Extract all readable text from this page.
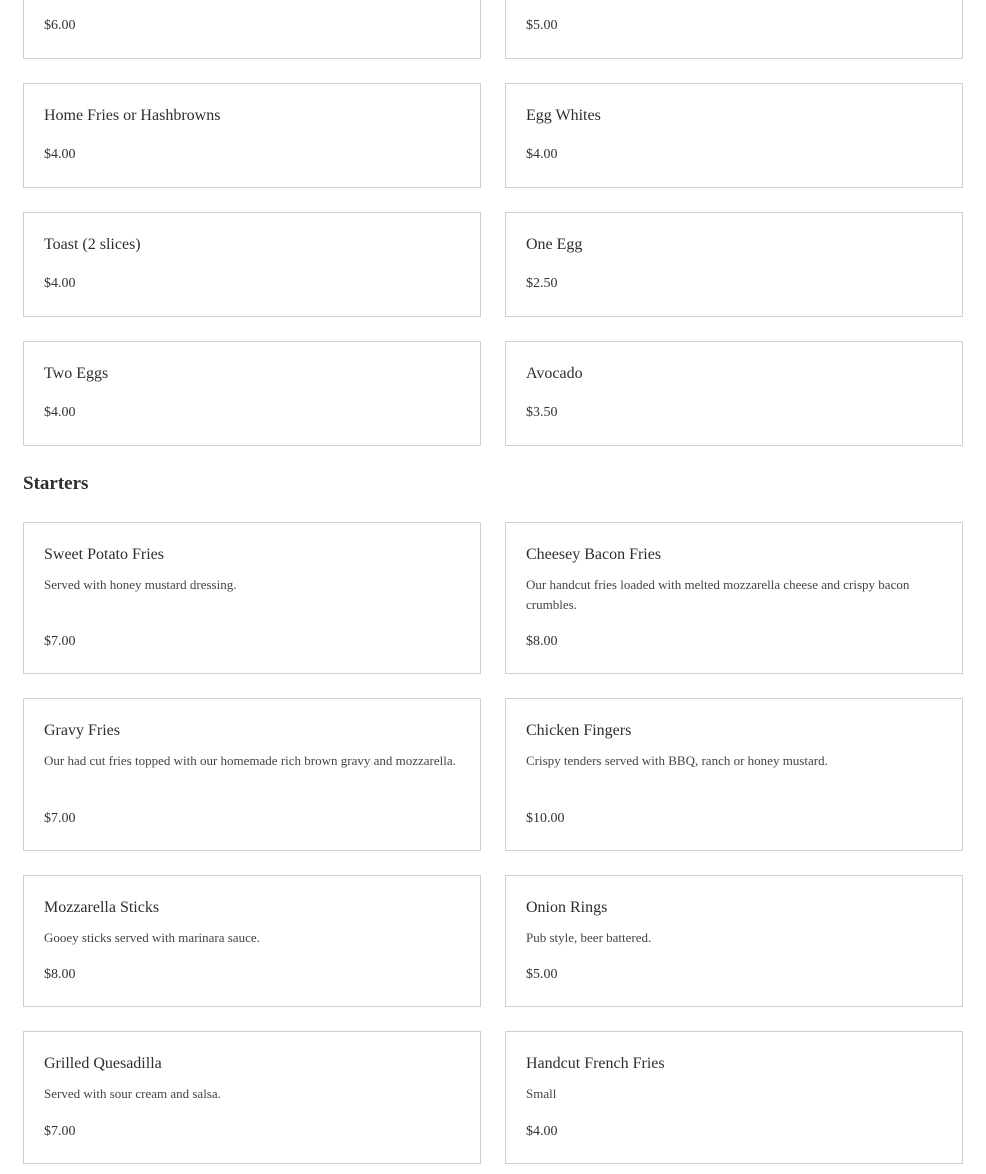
$6.00	$5.00
Home Fries or Hashbrowns
$4.00
Egg Whites
$4.00
Toast (2 slices)
$4.00
One Egg
$2.50
Two Eggs
$4.00
Avocado
$3.50
Starters
Sweet Potato Fries

Served with honey mustard dressing.

$7.00
Cheesey Bacon Fries

Our handcut fries loaded with melted mozzarella cheese and crispy bacon crumbles.

$8.00
Gravy Fries

Our had cut fries topped with our homemade rich brown gravy and mozzarella.

$7.00
Chicken Fingers

Crispy tenders served with BBQ, ranch or honey mustard.

$10.00
Mozzarella Sticks

Gooey sticks served with marinara sauce.

$8.00
Onion Rings

Pub style, beer battered.

$5.00
Grilled Quesadilla

Served with sour cream and salsa.

$7.00
Handcut French Fries

Small

$4.00
